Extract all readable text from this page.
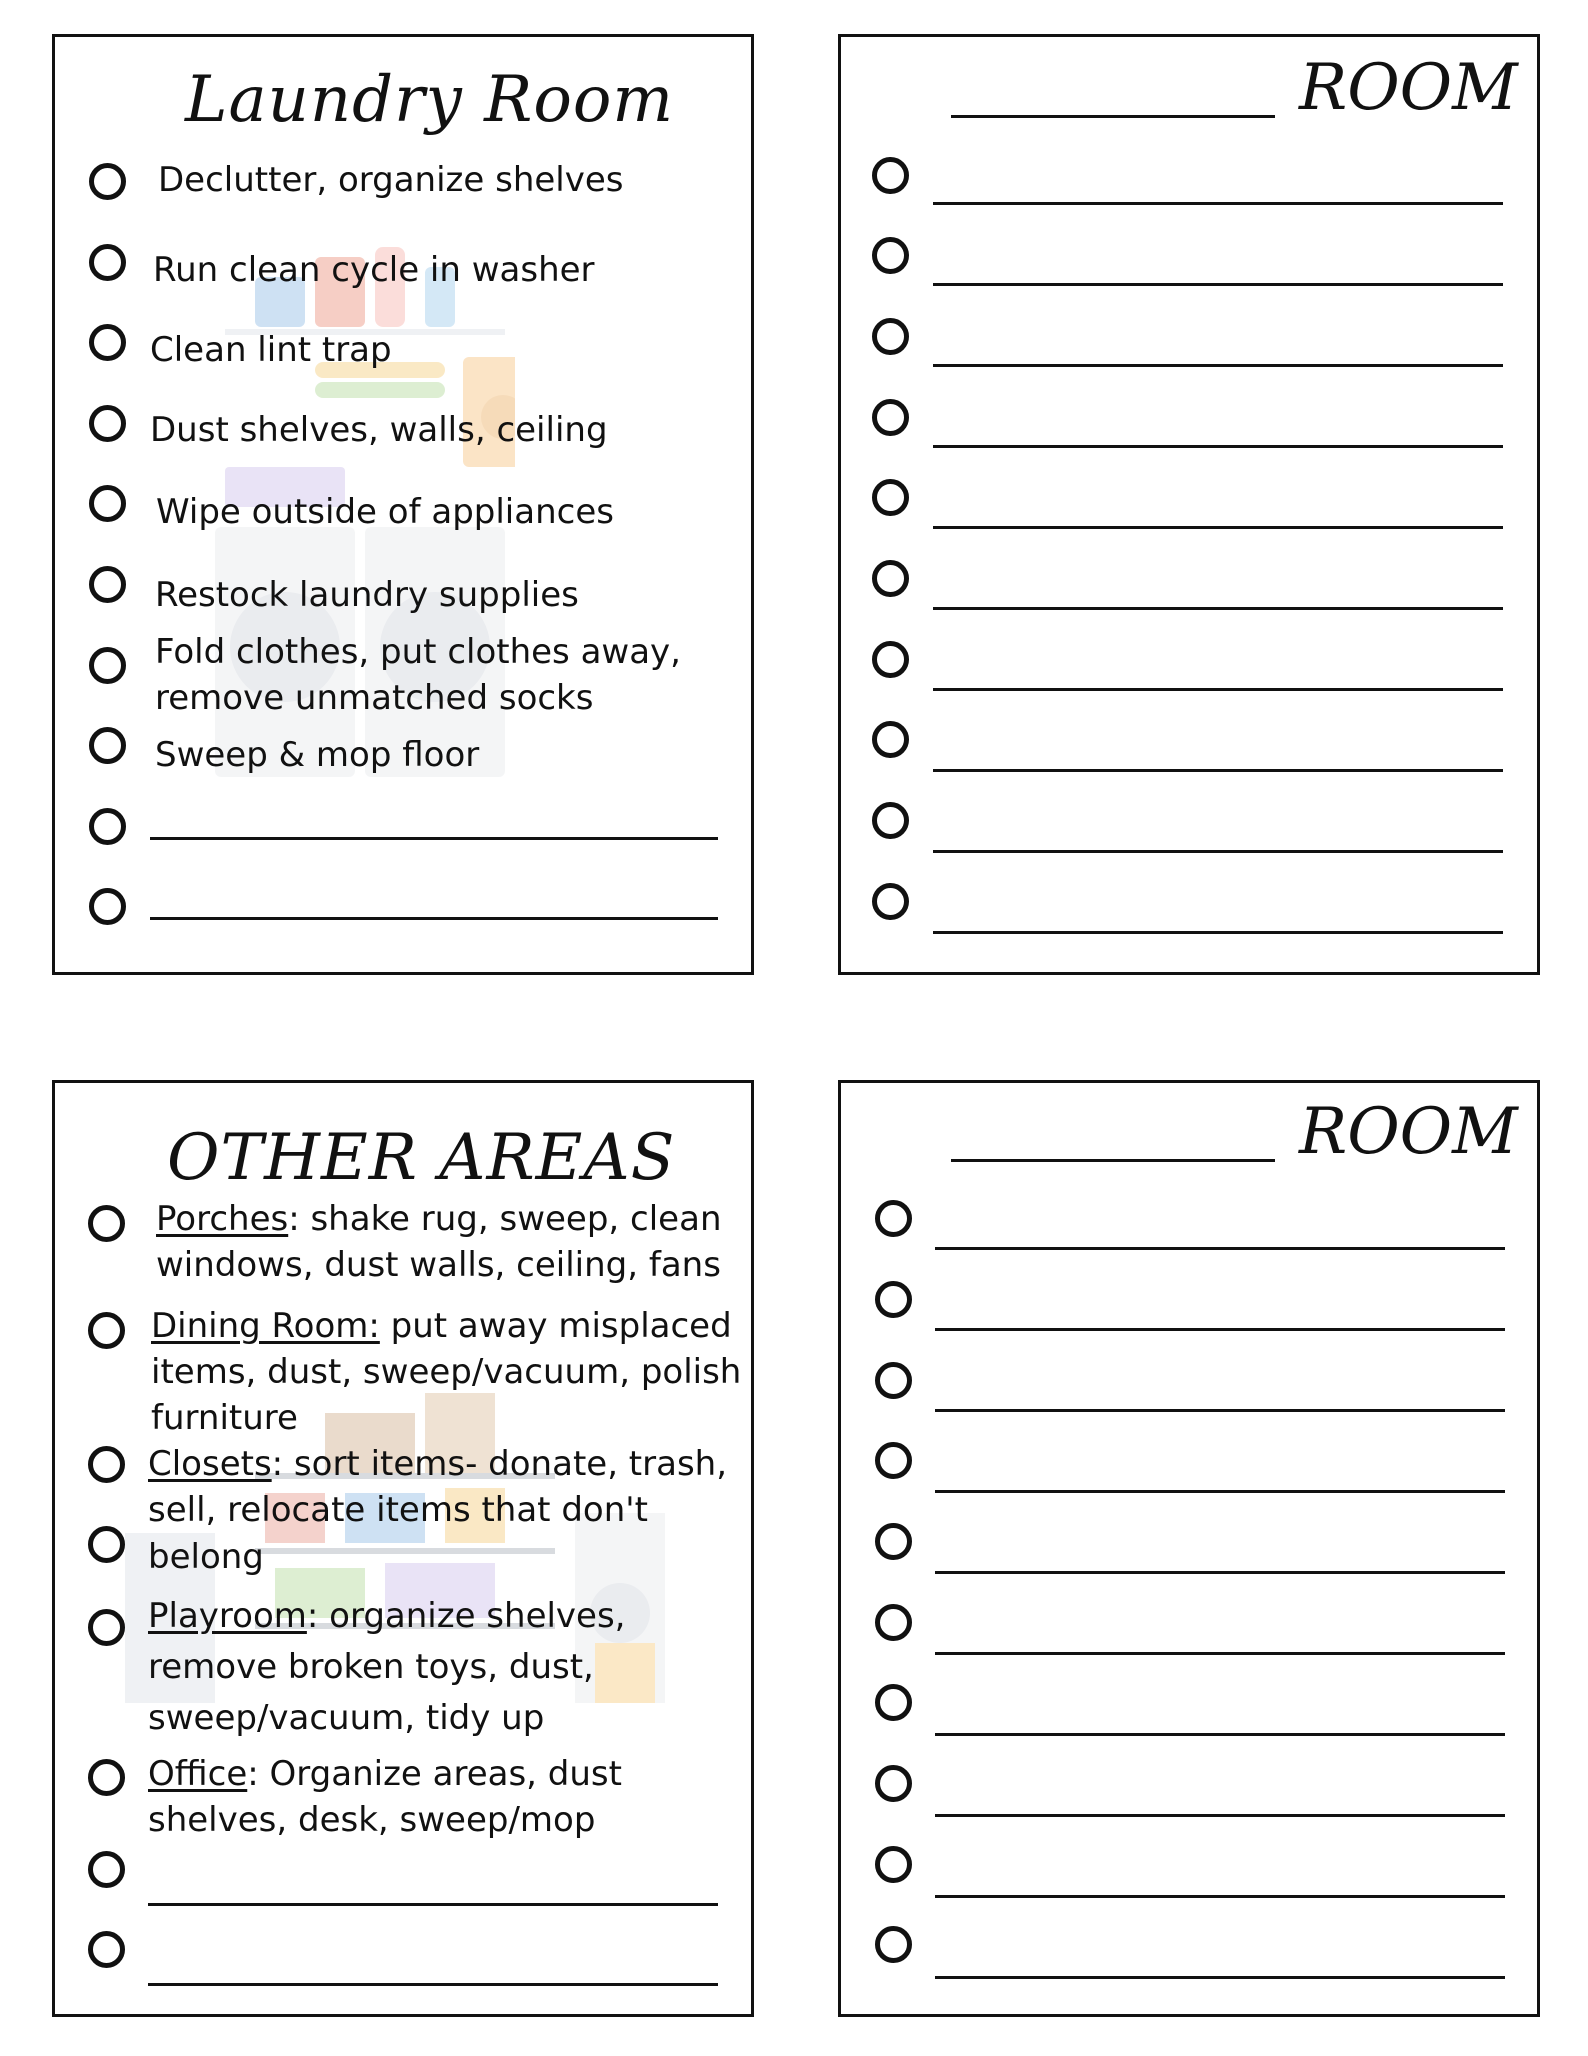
Laundry Room
Declutter, organize shelves
Run clean cycle in washer
Clean lint trap
Dust shelves, walls, ceiling
Wipe outside of appliances
Restock laundry supplies
Fold clothes, put clothes away,
remove unmatched socks
Sweep & mop floor
ROOM
OTHER AREAS
Porches: shake rug, sweep, clean
windows, dust walls, ceiling, fans
Dining Room: put away misplaced
items, dust, sweep/vacuum, polish
furniture
Closets: sort items- donate, trash,
sell, relocate items that don't
belong
Playroom: organize shelves,
remove broken toys, dust,
sweep/vacuum, tidy up
Office: Organize areas, dust
shelves, desk, sweep/mop
ROOM
